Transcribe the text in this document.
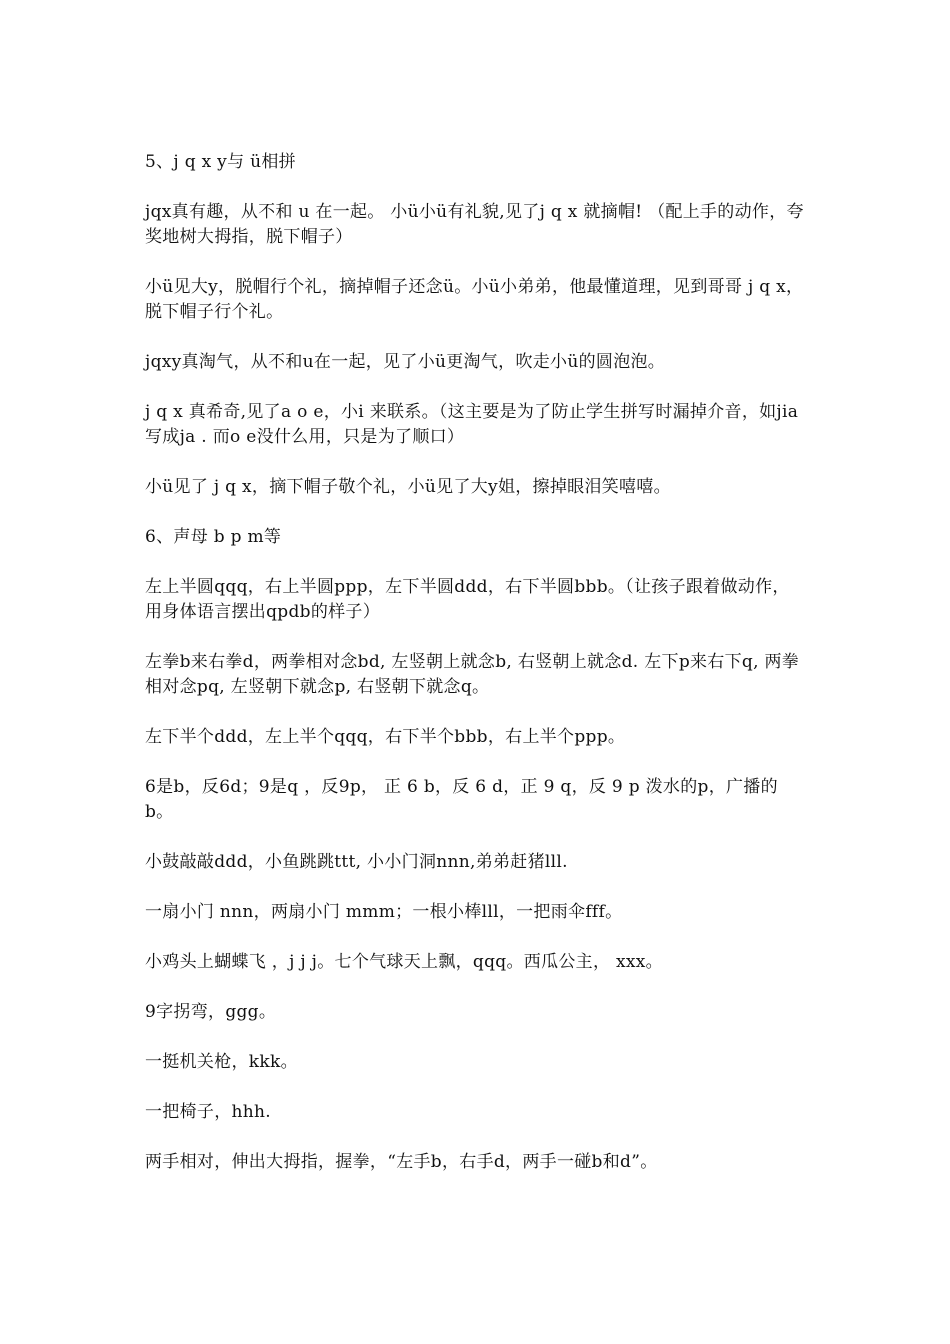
5、j q x y与 ü相拼

jqx真有趣，从不和 u 在一起。 小ü小ü有礼貌,见了j q x 就摘帽! （配上手的动作，夸奖地树大拇指，脱下帽子）

小ü见大y，脱帽行个礼，摘掉帽子还念ü。小ü小弟弟，他最懂道理，见到哥哥 j q x，脱下帽子行个礼。

jqxy真淘气，从不和u在一起，见了小ü更淘气，吹走小ü的圆泡泡。

j q x 真希奇,见了a o e，小i 来联系。（这主要是为了防止学生拼写时漏掉介音，如jia 写成ja . 而o e没什么用，只是为了顺口）

小ü见了 j q x，摘下帽子敬个礼，小ü见了大y姐，擦掉眼泪笑嘻嘻。

6、声母 b p m等

左上半圆qqq，右上半圆ppp，左下半圆ddd，右下半圆bbb。（让孩子跟着做动作，用身体语言摆出qpdb的样子）

左拳b来右拳d，两拳相对念bd, 左竖朝上就念b, 右竖朝上就念d. 左下p来右下q, 两拳相对念pq, 左竖朝下就念p, 右竖朝下就念q。

左下半个ddd，左上半个qqq，右下半个bbb，右上半个ppp。

6是b，反6d；9是q ，反9p， 正 6 b，反 6 d，正 9 q，反 9 p 泼水的p，广播的b。

小鼓敲敲ddd，小鱼跳跳ttt, 小小门洞nnn,弟弟赶猪lll.

一扇小门 nnn，两扇小门 mmm；一根小棒lll，一把雨伞fff。

小鸡头上蝴蝶飞 ，j j j。七个气球天上飘，qqq。西瓜公主， xxx。

9字拐弯，ggg。

一挺机关枪，kkk。

一把椅子，hhh.

两手相对，伸出大拇指，握拳，“左手b，右手d，两手一碰b和d”。
